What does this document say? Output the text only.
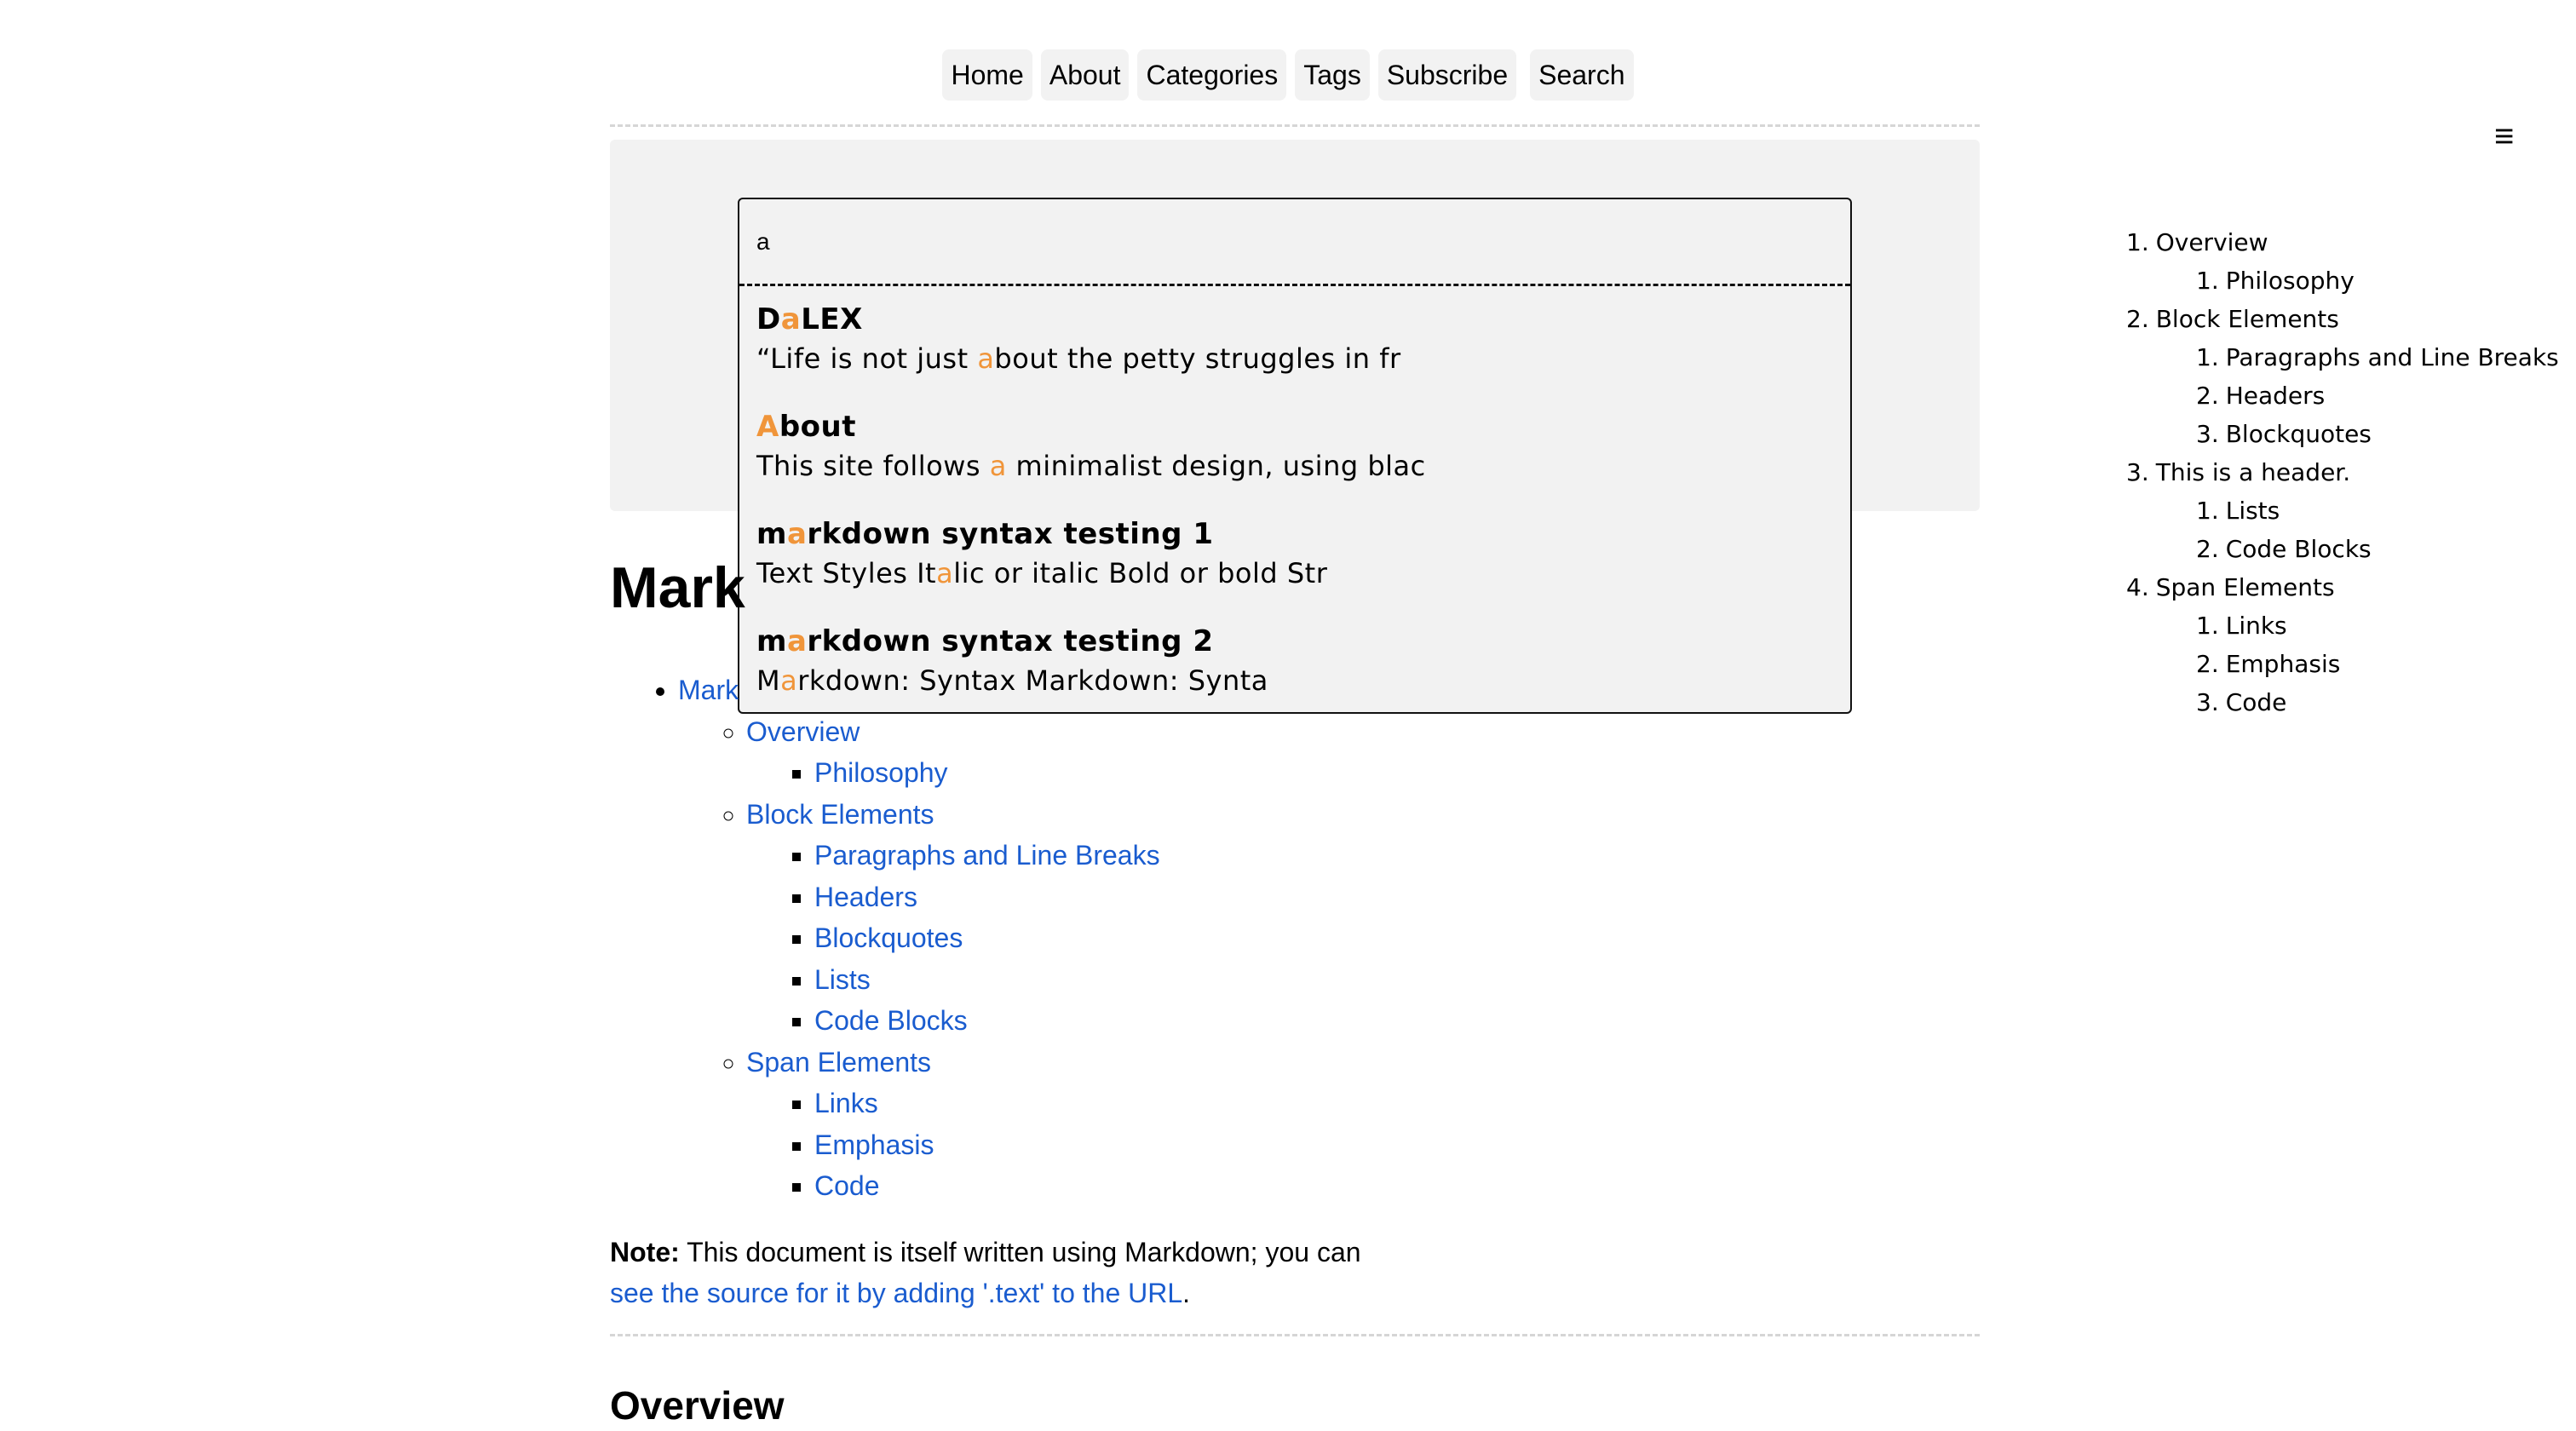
Home About Categories Tags Subscribe	Search
a
DaLEX
“Life is not just about the petty struggles in fr
About
This site follows a minimalist design, using blac
markdown syntax testing 1
Text Styles Italic or italic Bold or bold Str
markdown syntax testing 2
Markdown: Syntax Markdown: Synta
Mark
• Mark
◦ Overview
▪ Philosophy
◦ Block Elements
▪ Paragraphs and Line Breaks
▪ Headers
▪ Blockquotes
▪ Lists
▪ Code Blocks
◦ Span Elements
▪ Links
▪ Emphasis
▪ Code

Note: This document is itself written using Markdown; you can see the source for it by adding '.text' to the URL.

Overview
≡
1. Overview
1. Philosophy
2. Block Elements
1. Paragraphs and Line Breaks
2. Headers
3. Blockquotes
3. This is a header.
1. Lists
2. Code Blocks
4. Span Elements
1. Links
2. Emphasis
3. Code
